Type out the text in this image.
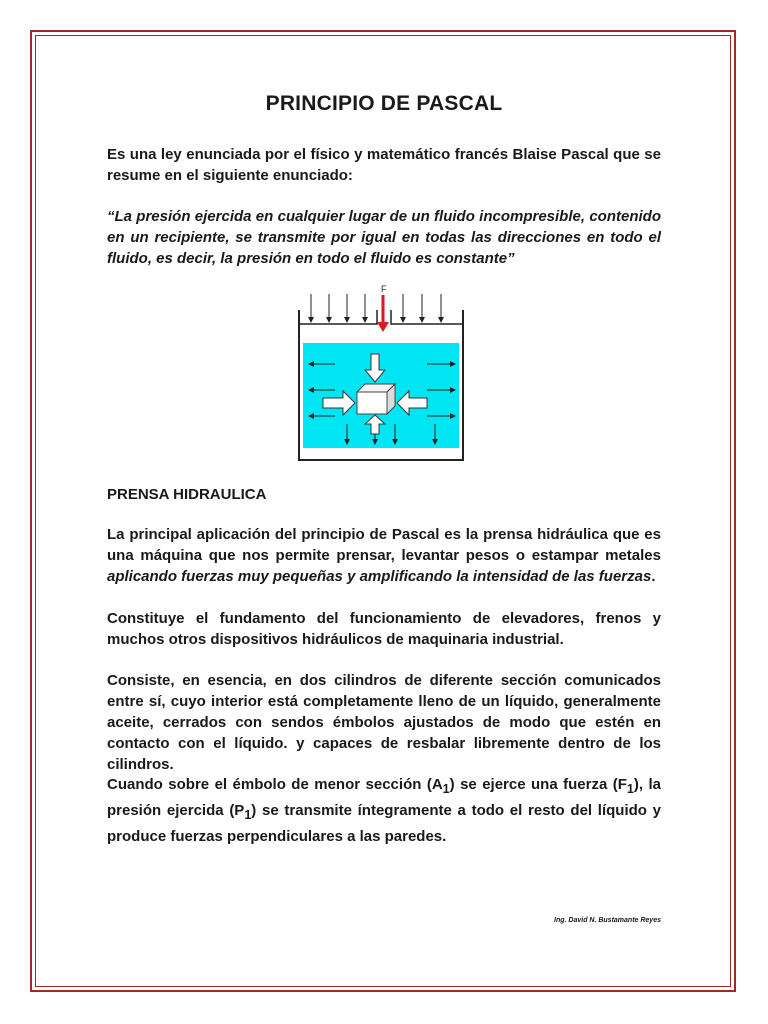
PRINCIPIO DE PASCAL

Es una ley enunciada por el físico y matemático francés Blaise Pascal que se resume en el siguiente enunciado:

“La presión ejercida en cualquier lugar de un fluido incompresible, contenido en un recipiente, se transmite por igual en todas las direcciones en todo el fluido, es decir, la presión en todo el fluido es constante”

PRENSA HIDRAULICA

La principal aplicación del principio de Pascal es la prensa hidráulica que es una máquina que nos permite prensar, levantar pesos o estampar metales aplicando fuerzas muy pequeñas y amplificando la intensidad de las fuerzas.

Constituye el fundamento del funcionamiento de elevadores, frenos y muchos otros dispositivos hidráulicos de maquinaria industrial.

Consiste, en esencia, en dos cilindros de diferente sección comunicados entre sí, cuyo interior está completamente lleno de un líquido, generalmente aceite, cerrados con sendos émbolos ajustados de modo que estén en contacto con el líquido. y capaces de resbalar libremente dentro de los cilindros.

Cuando sobre el émbolo de menor sección $(A_1)$ se ejerce una fuerza $(F_1)$, la presión ejercida $(P_1)$ se transmite íntegramente a todo el resto del líquido y produce fuerzas perpendiculares a las paredes.

Ing. David N. Bustamante Reyes
F
